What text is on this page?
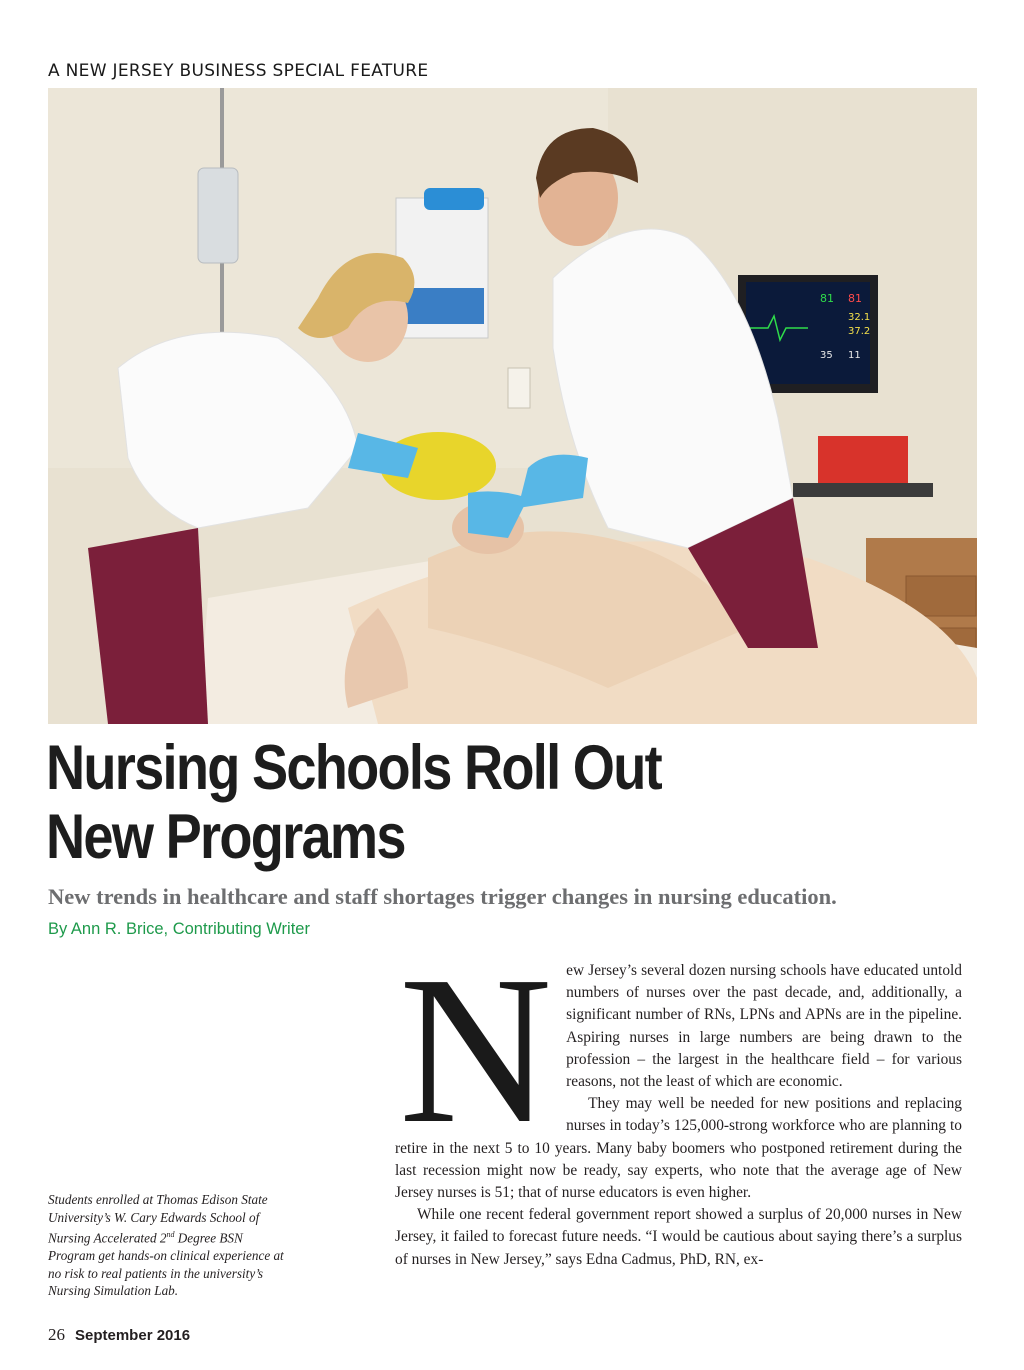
A NEW JERSEY BUSINESS SPECIAL FEATURE
81 81
32.1
37.2
35 11
Nursing Schools Roll Out
New Programs

New trends in healthcare and staff shortages trigger changes in nursing education.

By Ann R. Brice, Contributing Writer

New Jersey’s several dozen nursing schools have educated untold numbers of nurses over the past decade, and, additionally, a significant number of RNs, LPNs and APNs are in the pipeline. Aspiring nurses in large numbers are being drawn to the profession – the largest in the healthcare field – for various reasons, not the least of which are economic.

They may well be needed for new positions and replacing nurses in today’s 125,000-strong workforce who are planning to retire in the next 5 to 10 years. Many baby boomers who postponed retirement during the last recession might now be ready, say experts, who note that the average age of New Jersey nurses is 51; that of nurse educators is even higher.

While one recent federal government report showed a surplus of 20,000 nurses in New Jersey, it failed to forecast future needs. “I would be cautious about saying there’s a surplus of nurses in New Jersey,” says Edna Cadmus, PhD, RN, ex-

Students enrolled at Thomas Edison State University’s W. Cary Edwards School of Nursing Accelerated 2nd Degree BSN Program get hands-on clinical experience at no risk to real patients in the university’s Nursing Simulation Lab.
26 September 2016
